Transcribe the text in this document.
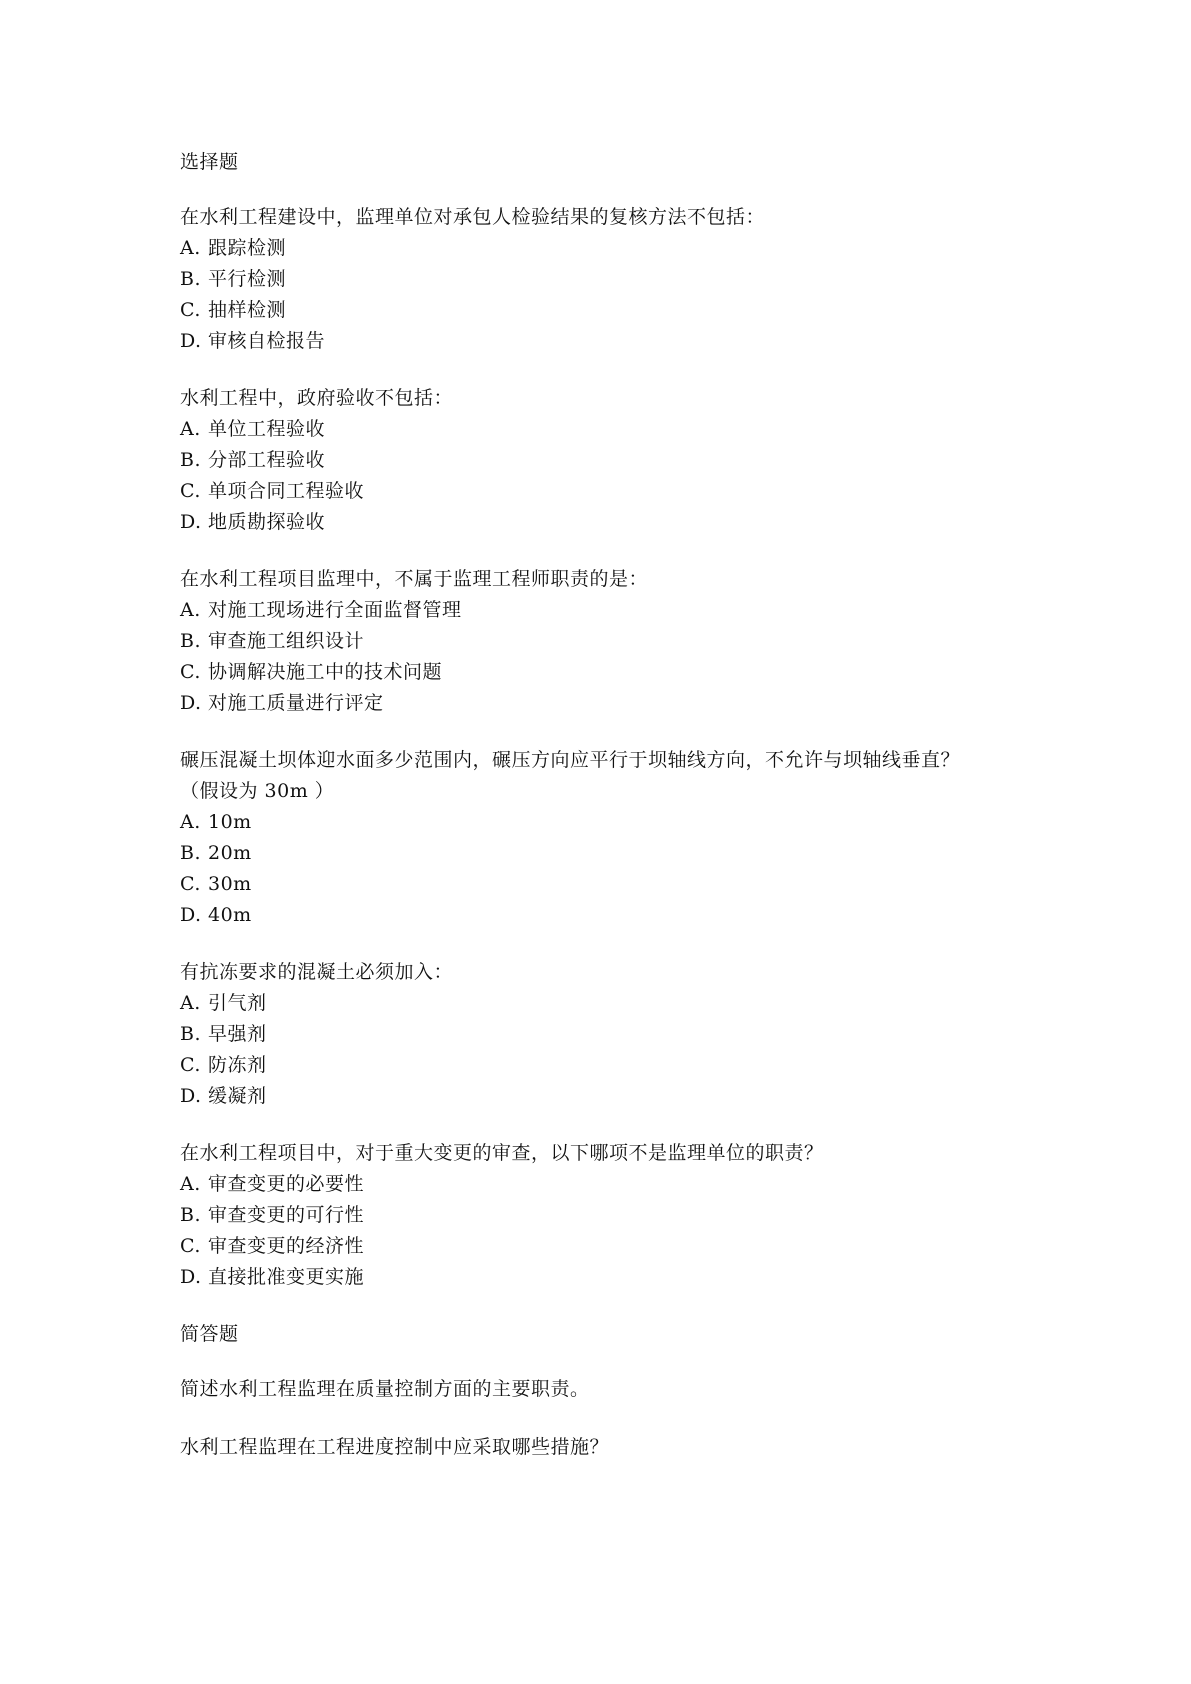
选择题
在水利工程建设中，监理单位对承包人检验结果的复核方法不包括：
A. 跟踪检测
B. 平行检测
C. 抽样检测
D. 审核自检报告
水利工程中，政府验收不包括：
A. 单位工程验收
B. 分部工程验收
C. 单项合同工程验收
D. 地质勘探验收
在水利工程项目监理中，不属于监理工程师职责的是：
A. 对施工现场进行全面监督管理
B. 审查施工组织设计
C. 协调解决施工中的技术问题
D. 对施工质量进行评定
碾压混凝土坝体迎水面多少范围内，碾压方向应平行于坝轴线方向，不允许与坝轴线垂直？
（假设为 30m ）
A. 10m
B. 20m
C. 30m
D. 40m
有抗冻要求的混凝土必须加入：
A. 引气剂
B. 早强剂
C. 防冻剂
D. 缓凝剂
在水利工程项目中，对于重大变更的审查，以下哪项不是监理单位的职责？
A. 审查变更的必要性
B. 审查变更的可行性
C. 审查变更的经济性
D. 直接批准变更实施
简答题
简述水利工程监理在质量控制方面的主要职责。
水利工程监理在工程进度控制中应采取哪些措施？
